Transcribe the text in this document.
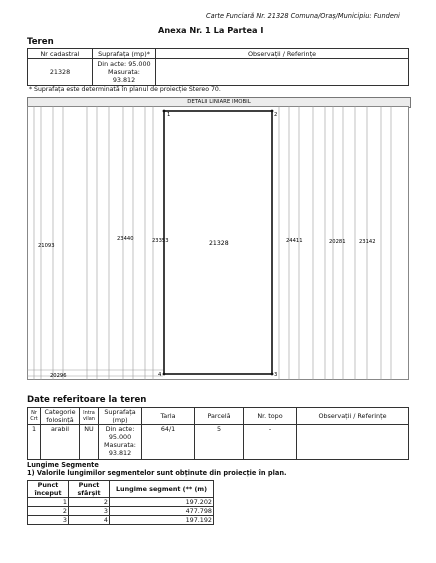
Carte Funciară Nr. 21328 Comuna/Oraș/Municipiu: Fundeni
Anexa Nr. 1 La Partea I
Teren
Nr cadastral	Suprafața (mp)*	Observații / Referințe
21328	Din acte: 95.000
Masurata:
93.812	

* Suprafața este determinată în planul de proiecție Stereo 70.
DETALII LINIARE IMOBIL
1	2
3
4
21328
21093
23440	23353	24411	20281	23142
20296
Date referitoare la teren
Nr Crt	Categorie folosință	Intra vilan	Suprafața (mp)	Tarla	Parcelă	Nr. topo	Observații / Referințe
1	arabil	NU	Din acte: 95.000
Masurata:
93.812	64/1	5	-	
Lungime Segmente
1) Valorile lungimilor segmentelor sunt obținute din proiecție în plan.
Punct început	Punct sfârșit	Lungime segment (** (m)
1	2	197.202
2	3	477.798
3	4	197.192
